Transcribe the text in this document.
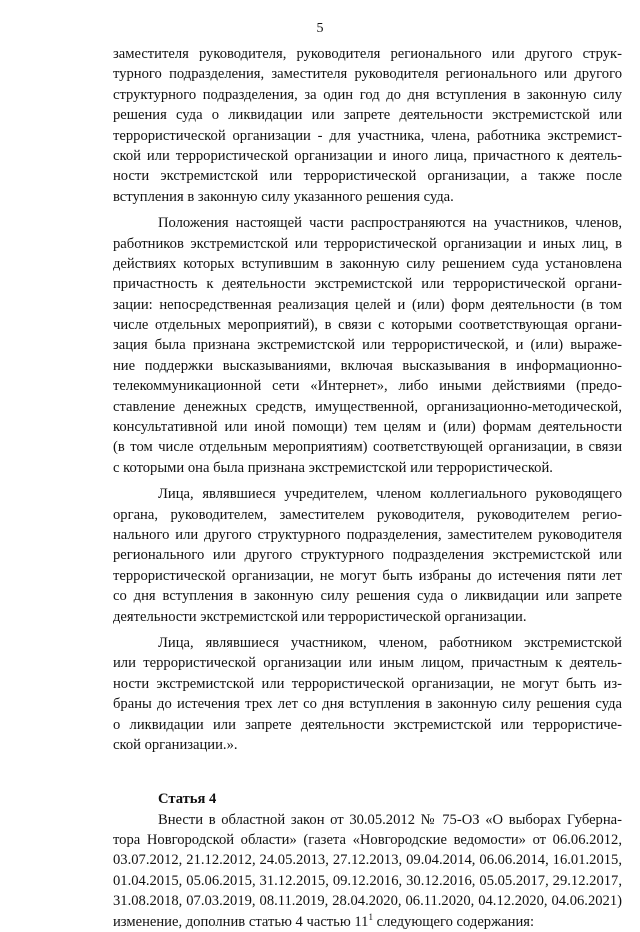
5
заместителя руководителя, руководителя регионального или другого струк-
турного подразделения, заместителя руководителя регионального или другого
структурного подразделения, за один год до дня вступления в законную силу
решения суда о ликвидации или запрете деятельности экстремистской или
террористической организации - для участника, члена, работника экстремист-
ской или террористической организации и иного лица, причастного к деятель-
ности экстремистской или террористической организации, а также после
вступления в законную силу указанного решения суда.
Положения настоящей части распространяются на участников, членов,
работников экстремистской или террористической организации и иных лиц, в
действиях которых вступившим в законную силу решением суда установлена
причастность к деятельности экстремистской или террористической органи-
зации: непосредственная реализация целей и (или) форм деятельности (в том
числе отдельных мероприятий), в связи с которыми соответствующая органи-
зация была признана экстремистской или террористической, и (или) выраже-
ние поддержки высказываниями, включая высказывания в информационно-
телекоммуникационной сети «Интернет», либо иными действиями (предо-
ставление денежных средств, имущественной, организационно-методической,
консультативной или иной помощи) тем целям и (или) формам деятельности
(в том числе отдельным мероприятиям) соответствующей организации, в связи
с которыми она была признана экстремистской или террористической.
Лица, являвшиеся учредителем, членом коллегиального руководящего
органа, руководителем, заместителем руководителя, руководителем регио-
нального или другого структурного подразделения, заместителем руководителя
регионального или другого структурного подразделения экстремистской или
террористической организации, не могут быть избраны до истечения пяти лет
со дня вступления в законную силу решения суда о ликвидации или запрете
деятельности экстремистской или террористической организации.
Лица, являвшиеся участником, членом, работником экстремистской
или террористической организации или иным лицом, причастным к деятель-
ности экстремистской или террористической организации, не могут быть из-
браны до истечения трех лет со дня вступления в законную силу решения суда
о ликвидации или запрете деятельности экстремистской или террористиче-
ской организации.».
Статья 4
Внести в областной закон от 30.05.2012 № 75-ОЗ «О выборах Губерна-
тора Новгородской области» (газета «Новгородские ведомости» от 06.06.2012,
03.07.2012, 21.12.2012, 24.05.2013, 27.12.2013, 09.04.2014, 06.06.2014, 16.01.2015,
01.04.2015, 05.06.2015, 31.12.2015, 09.12.2016, 30.12.2016, 05.05.2017, 29.12.2017,
31.08.2018, 07.03.2019, 08.11.2019, 28.04.2020, 06.11.2020, 04.12.2020, 04.06.2021)
изменение, дополнив статью 4 частью $11^1$ следующего содержания:
